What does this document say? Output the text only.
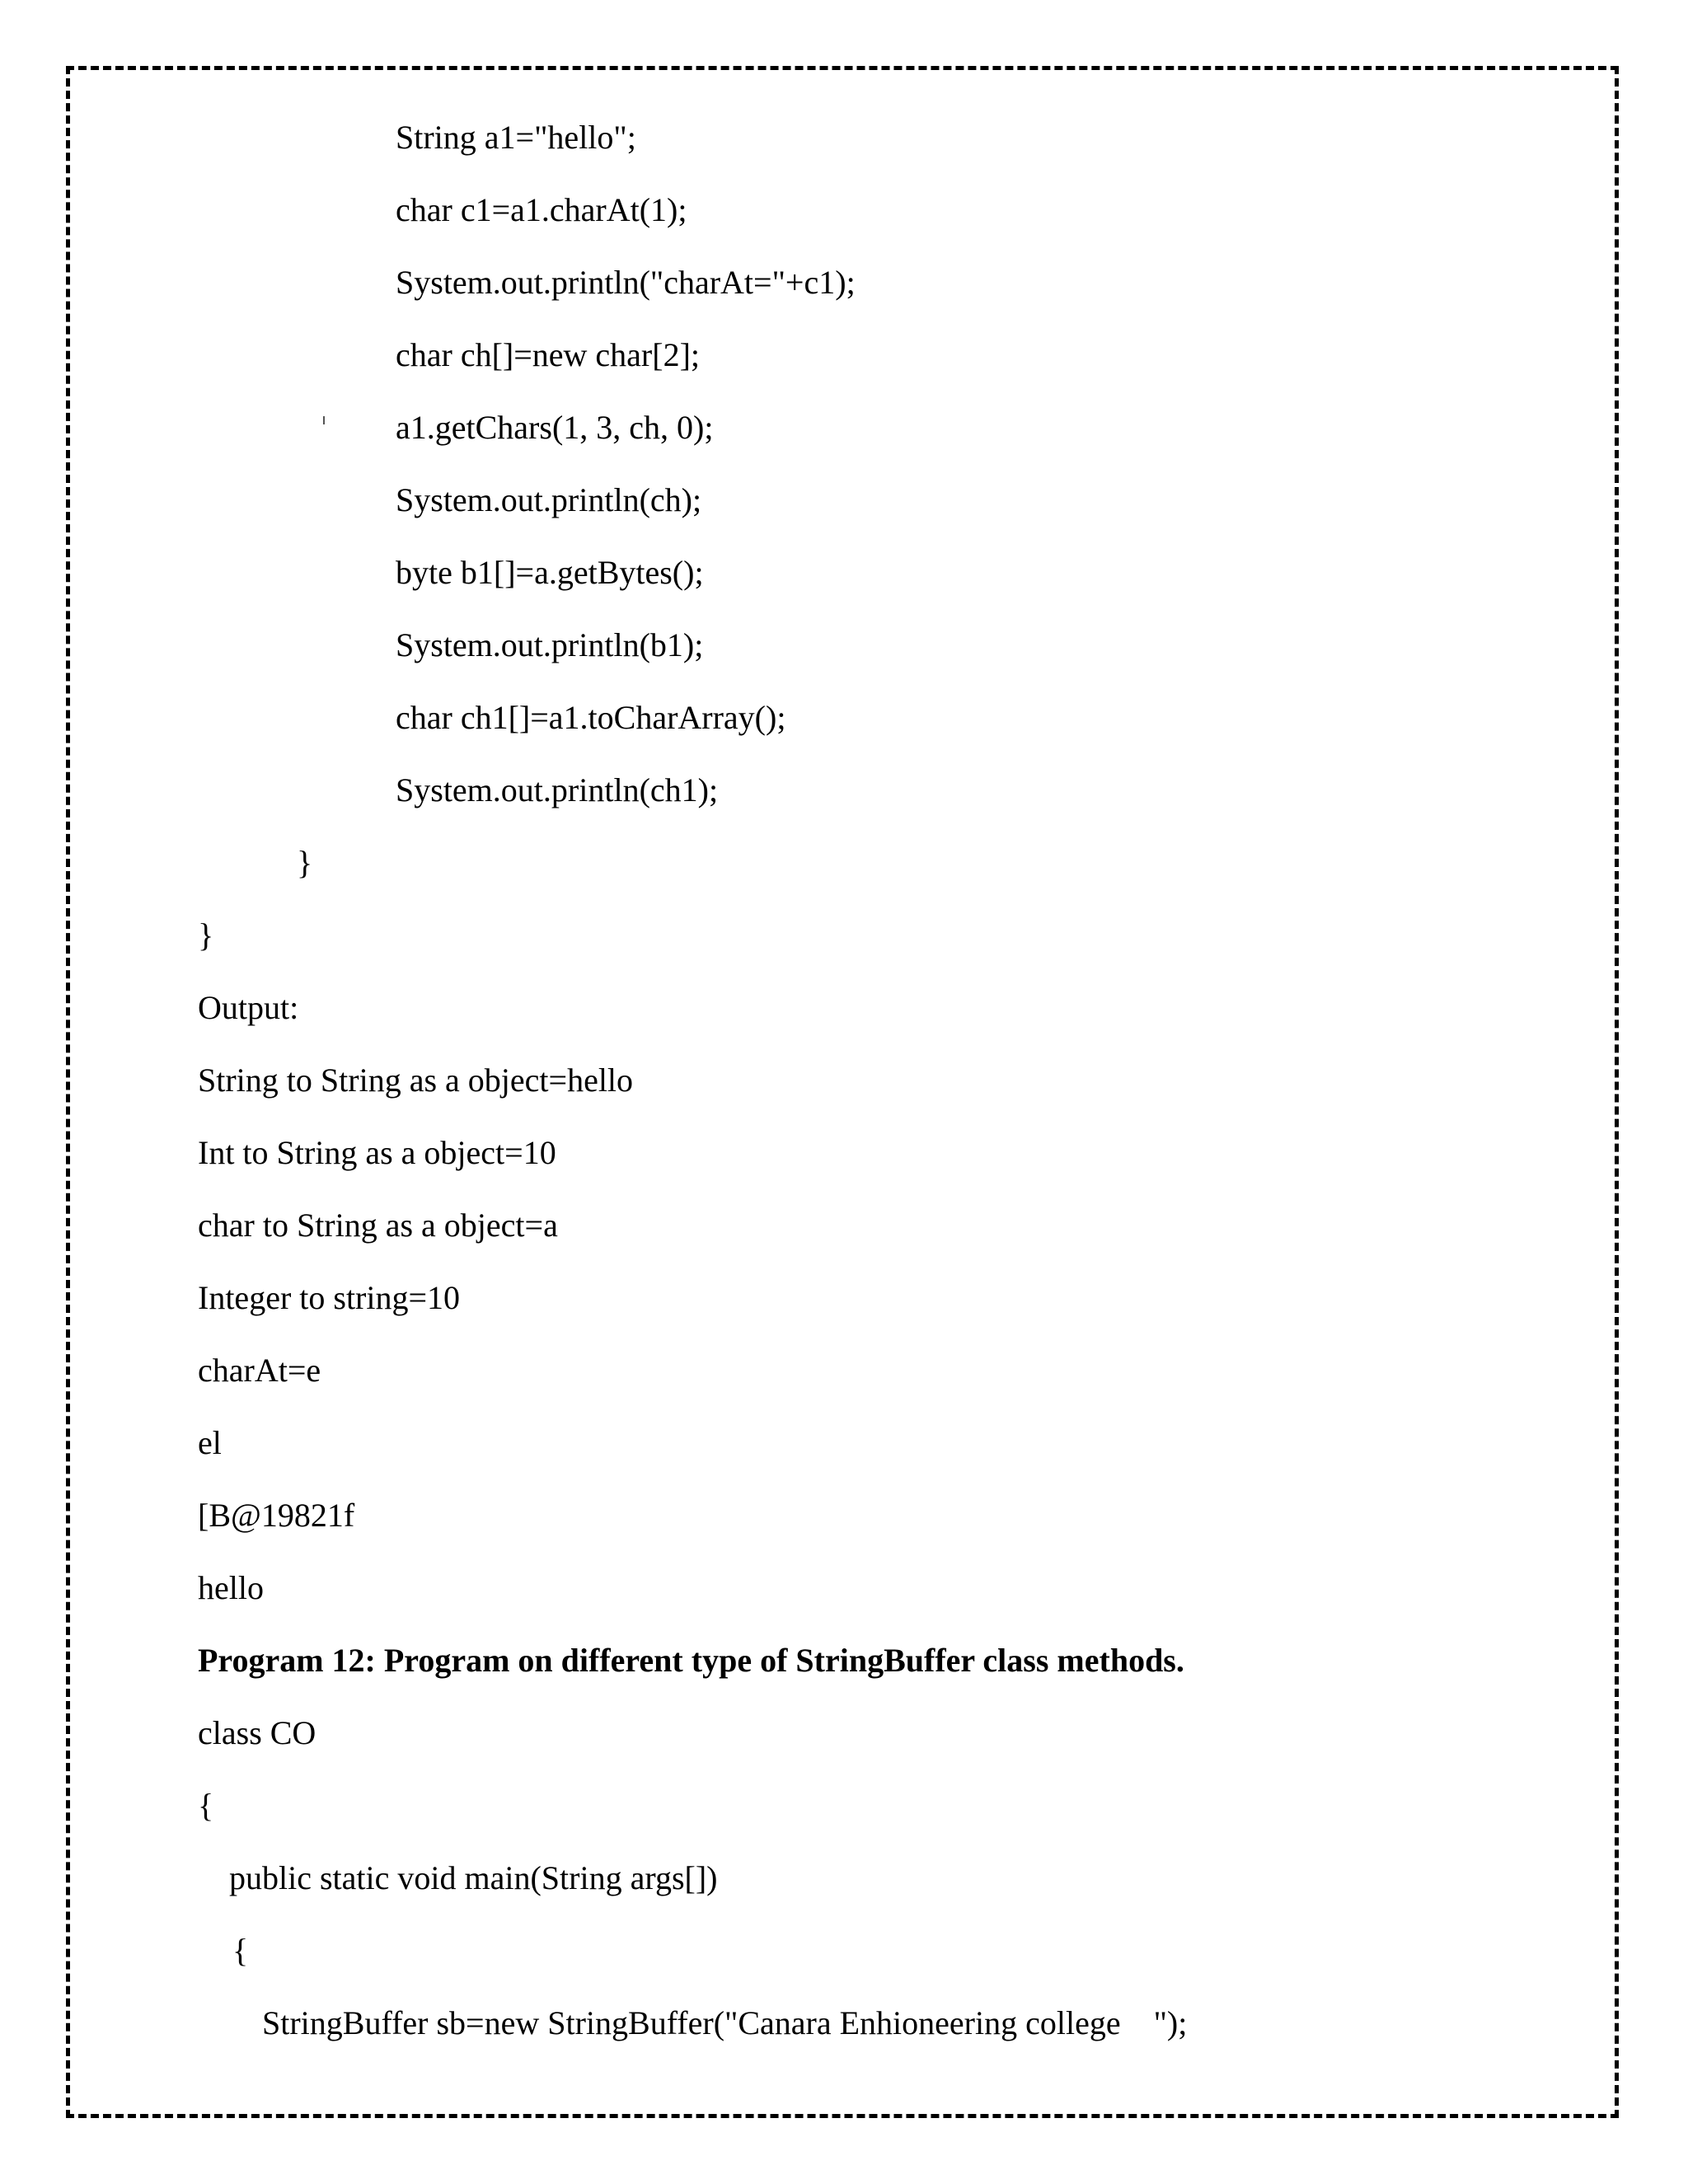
String a1="hello";
char c1=a1.charAt(1);
System.out.println("charAt="+c1);
char ch[]=new char[2];
a1.getChars(1, 3, ch, 0);
System.out.println(ch);
byte b1[]=a.getBytes();
System.out.println(b1);
char ch1[]=a1.toCharArray();
System.out.println(ch1);
}
}
Output:
String to String as a object=hello
Int to String as a object=10
char to String as a object=a
Integer to string=10
charAt=e
el
[B@19821f
hello
Program 12: Program on different type of StringBuffer class methods.
class CO
{
public static void main(String args[])
{
StringBuffer sb=new StringBuffer("Canara Enhioneering college    ");
